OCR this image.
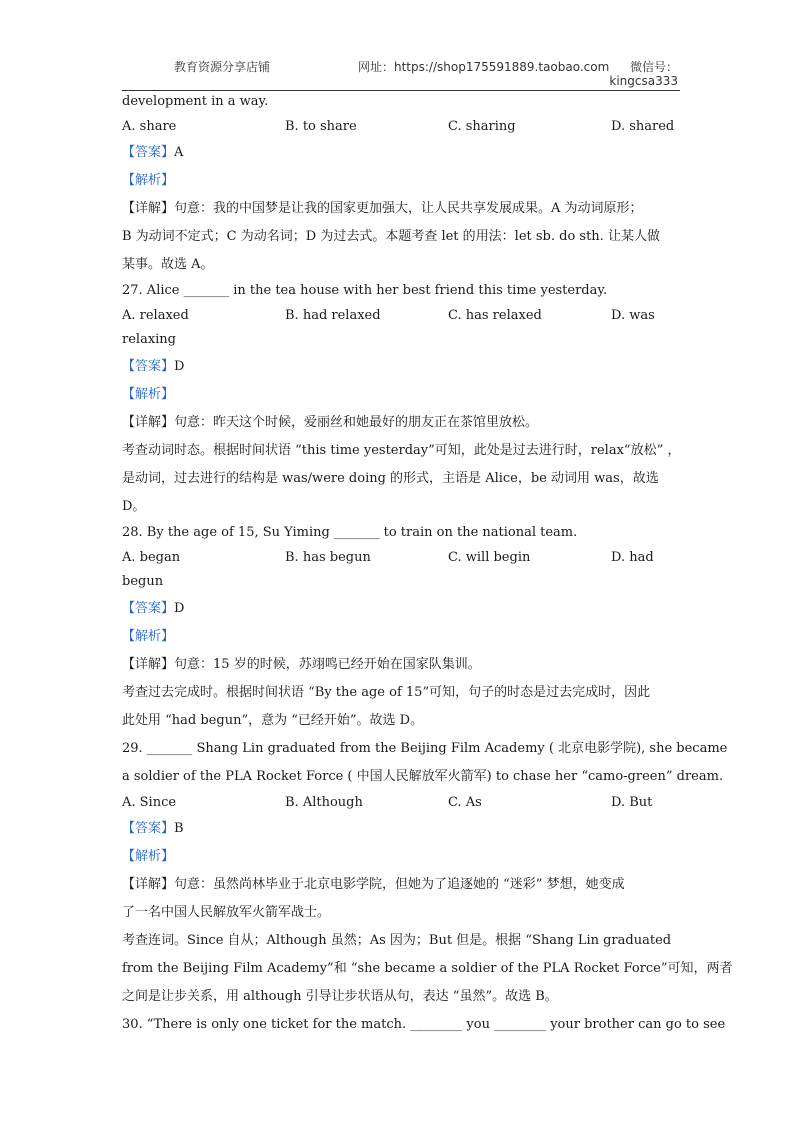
教育资源分享店铺	网址：https://shop175591889.taobao.com 微信号：
kingcsa333
development in a way.
A. share	B. to share	C. sharing	D. shared
【答案】A
【解析】
【详解】句意：我的中国梦是让我的国家更加强大，让人民共享发展成果。A 为动词原形；
B 为动词不定式；C 为动名词；D 为过去式。本题考查 let 的用法：let sb. do sth. 让某人做
某事。故选 A。
27. Alice _______ in the tea house with her best friend this time yesterday.
A. relaxed	B. had relaxed	C. has relaxed	D. was
relaxing
【答案】D
【解析】
【详解】句意：昨天这个时候，爱丽丝和她最好的朋友正在茶馆里放松。
考查动词时态。根据时间状语 “this time yesterday”可知，此处是过去进行时，relax“放松” ，
是动词，过去进行的结构是 was/were doing 的形式，主语是 Alice，be 动词用 was，故选
D。
28. By the age of 15, Su Yiming _______ to train on the national team.
A. began	B. has begun	C. will begin	D. had
begun
【答案】D
【解析】
【详解】句意：15 岁的时候，苏翊鸣已经开始在国家队集训。
考查过去完成时。根据时间状语 “By the age of 15”可知，句子的时态是过去完成时，因此
此处用 “had begun”，意为 “已经开始”。故选 D。
29. _______ Shang Lin graduated from the Beijing Film Academy ( 北京电影学院), she became
a soldier of the PLA Rocket Force ( 中国人民解放军火箭军) to chase her “camo-green” dream.
A. Since	B. Although	C. As	D. But
【答案】B
【解析】
【详解】句意：虽然尚林毕业于北京电影学院，但她为了追逐她的 “迷彩” 梦想，她变成
了一名中国人民解放军火箭军战士。
考查连词。Since 自从；Although 虽然；As 因为；But 但是。根据 “Shang Lin graduated
from the Beijing Film Academy”和 “she became a soldier of the PLA Rocket Force”可知，两者
之间是让步关系，用 although 引导让步状语从句，表达 “虽然”。故选 B。
30. “There is only one ticket for the match. ________ you ________ your brother can go to see
